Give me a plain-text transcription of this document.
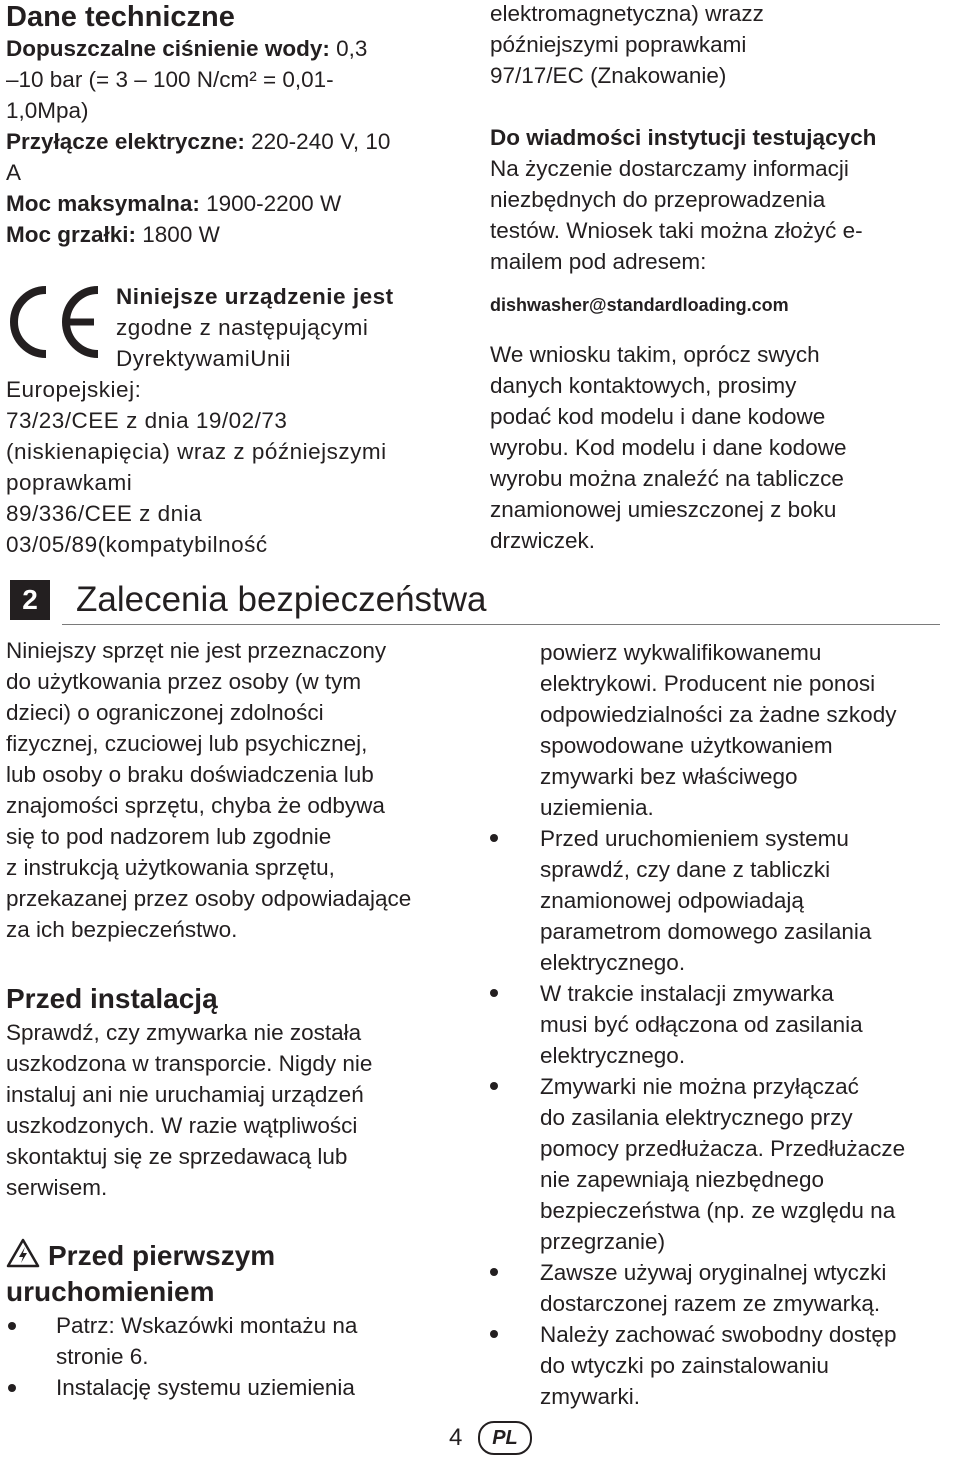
Dane techniczne
Dopuszczalne ciśnienie wody: 0,3
–10 bar (= 3 – 100 N/cm² = 0,01-
1,0Mpa)
Przyłącze elektryczne: 220-240 V, 10
A
Moc maksymalna: 1900-2200 W
Moc grzałki: 1800 W
Niniejsze urządzenie jest
zgodne z następującymi
DyrektywamiUnii
Europejskiej:
73/23/CEE z dnia 19/02/73
(niskienapięcia) wraz z późniejszymi
poprawkami
89/336/CEE z dnia
03/05/89(kompatybilność
elektromagnetyczna) wrazz
późniejszymi poprawkami
97/17/EC (Znakowanie)
Do wiadmości instytucji testujących
Na życzenie dostarczamy informacji
niezbędnych do przeprowadzenia
testów. Wniosek taki można złożyć e-
mailem pod adresem:
dishwasher@standardloading.com
We wniosku takim, oprócz swych
danych kontaktowych, prosimy
podać kod modelu i dane kodowe
wyrobu. Kod modelu i dane kodowe
wyrobu można znaleźć na tabliczce
znamionowej umieszczonej z boku
drzwiczek.
2	Zalecenia bezpieczeństwa
Niniejszy sprzęt nie jest przeznaczony
do użytkowania przez osoby (w tym
dzieci) o ograniczonej zdolności
fizycznej, czuciowej lub psychicznej,
lub osoby o braku doświadczenia lub
znajomości sprzętu, chyba że odbywa
się to pod nadzorem lub zgodnie
z instrukcją użytkowania sprzętu,
przekazanej przez osoby odpowiadające
za ich bezpieczeństwo.
Przed instalacją
Sprawdź, czy zmywarka nie została
uszkodzona w transporcie. Nigdy nie
instaluj ani nie uruchamiaj urządzeń
uszkodzonych. W razie wątpliwości
skontaktuj się ze sprzedawacą lub
serwisem.
Przed pierwszym
uruchomieniem
Patrz: Wskazówki montażu na
stronie 6.
Instalację systemu uziemienia
powierz wykwalifikowanemu
elektrykowi. Producent nie ponosi
odpowiedzialności za żadne szkody
spowodowane użytkowaniem
zmywarki bez właściwego
uziemienia.
Przed uruchomieniem systemu
sprawdź, czy dane z tabliczki
znamionowej odpowiadają
parametrom domowego zasilania
elektrycznego.
W trakcie instalacji zmywarka
musi być odłączona od zasilania
elektrycznego.
Zmywarki nie można przyłączać
do zasilania elektrycznego przy
pomocy przedłużacza. Przedłużacze
nie zapewniają niezbędnego
bezpieczeństwa (np. ze względu na
przegrzanie)
Zawsze używaj oryginalnej wtyczki
dostarczonej razem ze zmywarką.
Należy zachować swobodny dostęp
do wtyczki po zainstalowaniu
zmywarki.
4	PL
